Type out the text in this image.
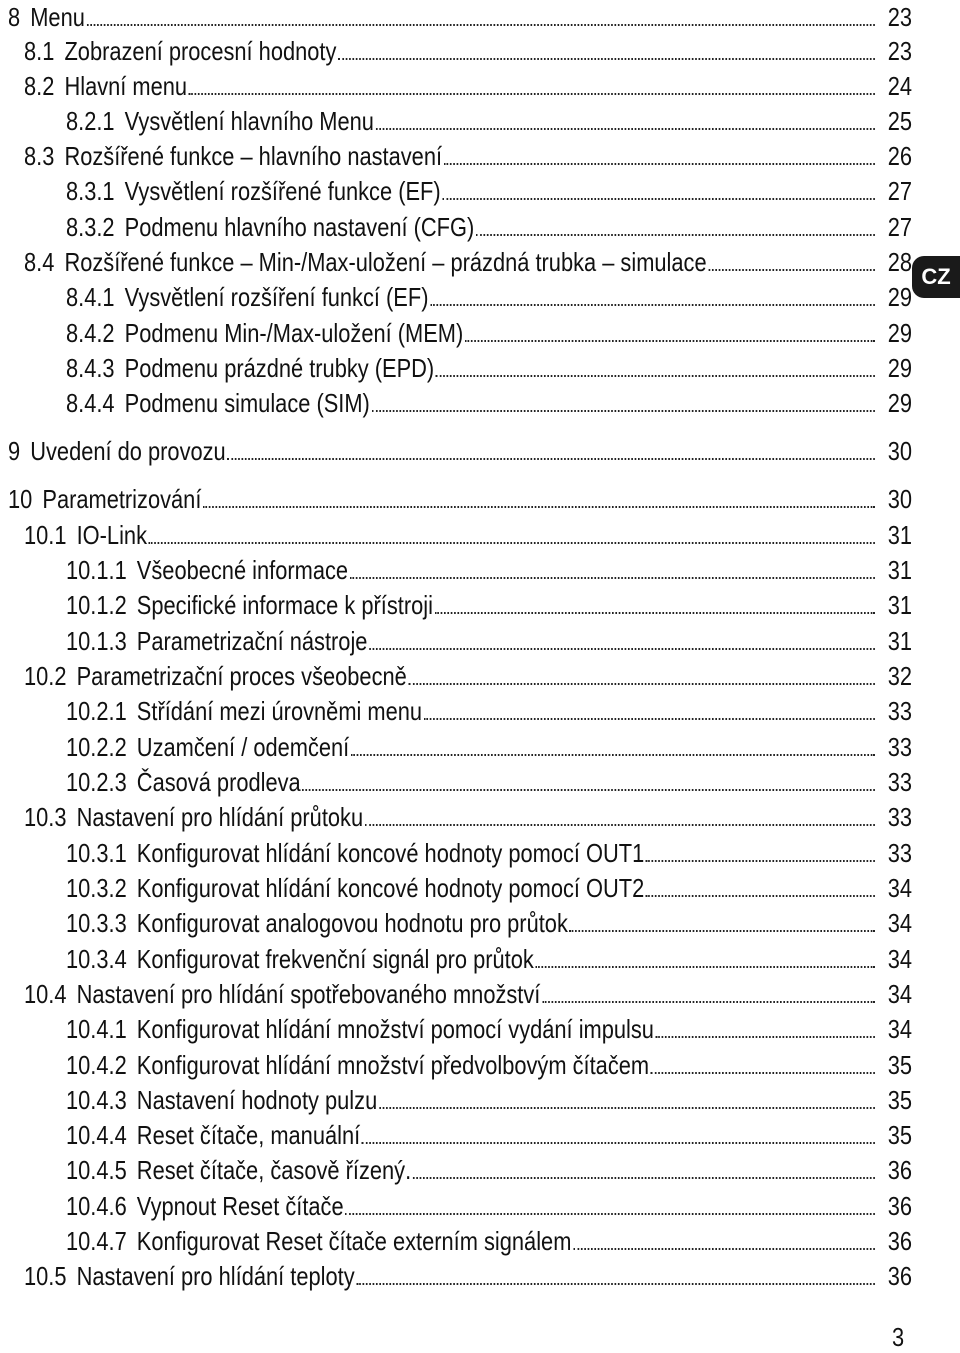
8 Menu	23
8.1 Zobrazení procesní hodnoty	23
8.2 Hlavní menu	24
8.2.1 Vysvětlení hlavního Menu	25
8.3 Rozšířené funkce – hlavního nastavení	26
8.3.1 Vysvětlení rozšířené funkce (EF)	27
8.3.2 Podmenu hlavního nastavení (CFG)	27
8.4 Rozšířené funkce – Min-/Max-uložení – prázdná trubka – simulace	28
8.4.1 Vysvětlení rozšíření funkcí (EF)	29
8.4.2 Podmenu Min-/Max-uložení (MEM)	29
8.4.3 Podmenu prázdné trubky (EPD)	29
8.4.4 Podmenu simulace (SIM)	29
9 Uvedení do provozu	30
10 Parametrizování	30
10.1 IO-Link	31
10.1.1 Všeobecné informace	31
10.1.2 Specifické informace k přístroji	31
10.1.3 Parametrizační nástroje	31
10.2 Parametrizační proces všeobecně	32
10.2.1 Střídání mezi úrovněmi menu	33
10.2.2 Uzamčení / odemčení	33
10.2.3 Časová prodleva	33
10.3 Nastavení pro hlídání průtoku	33
10.3.1 Konfigurovat hlídání koncové hodnoty pomocí OUT1	33
10.3.2 Konfigurovat hlídání koncové hodnoty pomocí OUT2	34
10.3.3 Konfigurovat analogovou hodnotu pro průtok	34
10.3.4 Konfigurovat frekvenční signál pro průtok	34
10.4 Nastavení pro hlídání spotřebovaného množství	34
10.4.1 Konfigurovat hlídání množství pomocí vydání impulsu	34
10.4.2 Konfigurovat hlídání množství předvolbovým čítačem	35
10.4.3 Nastavení hodnoty pulzu	35
10.4.4 Reset čítače, manuální	35
10.4.5 Reset čítače, časově řízený.	36
10.4.6 Vypnout Reset čítače	36
10.4.7 Konfigurovat Reset čítače externím signálem	36
10.5 Nastavení pro hlídání teploty	36
CZ
3
